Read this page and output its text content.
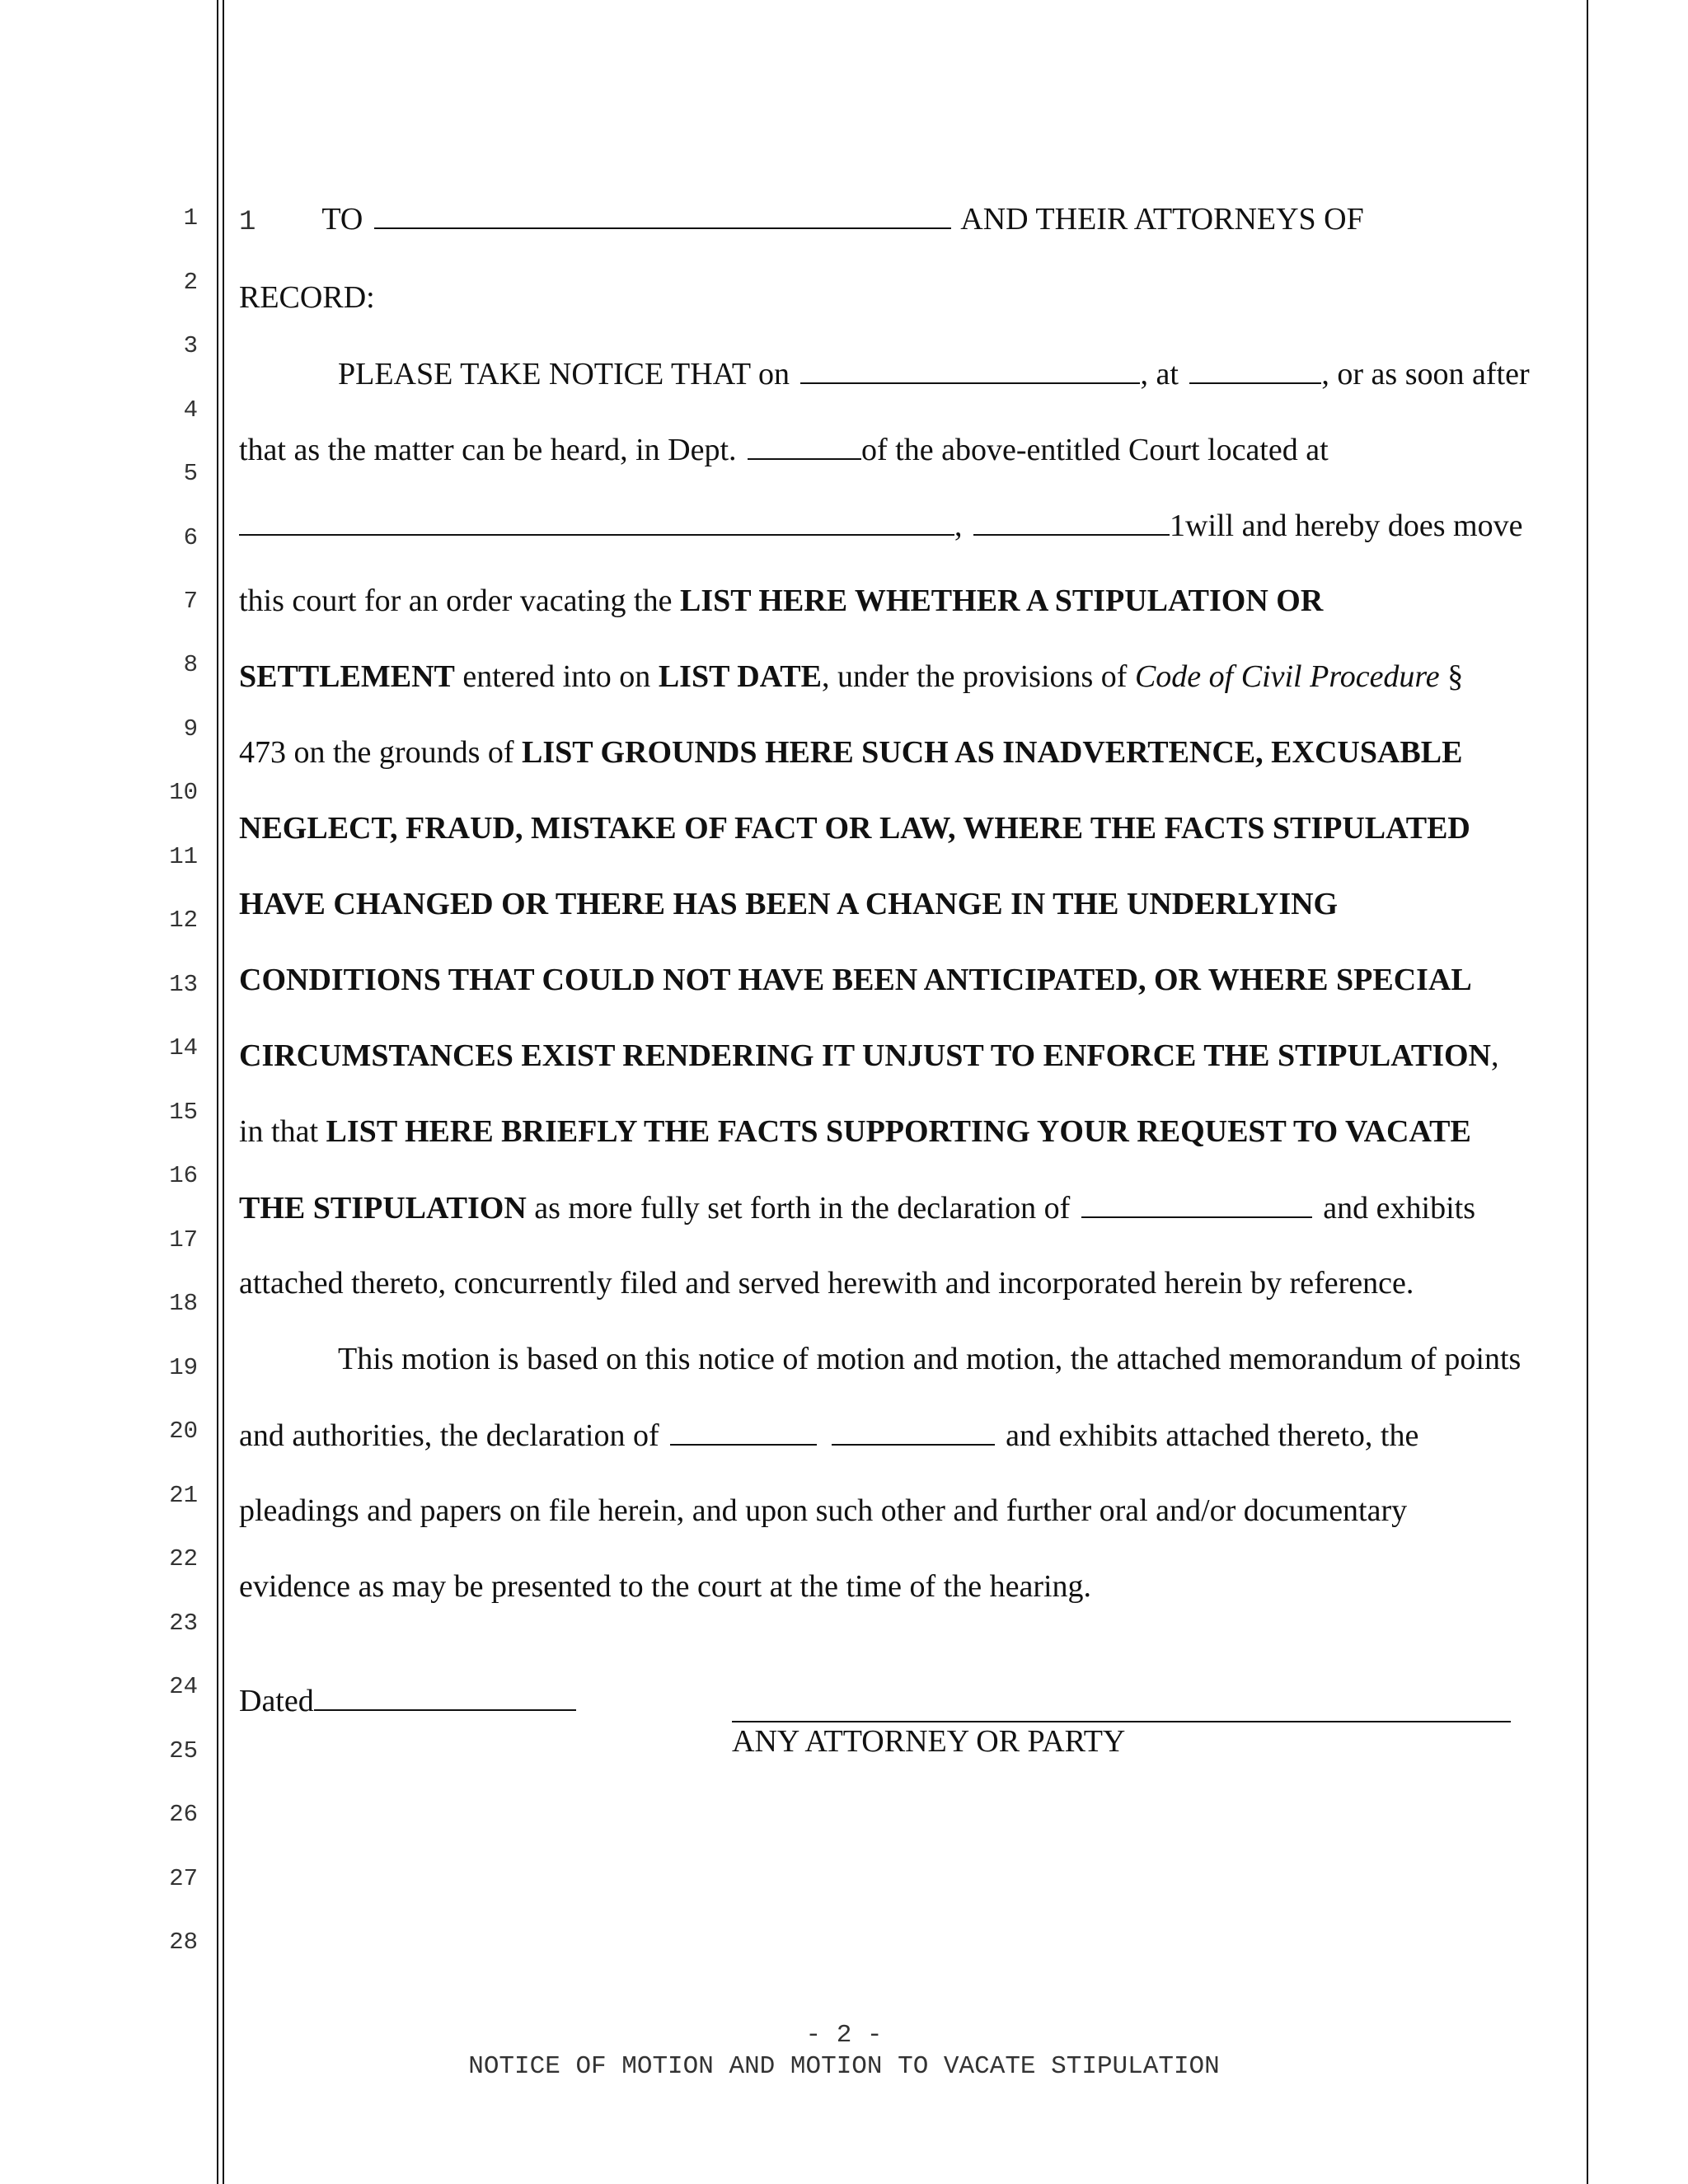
1
2
3
4
5
6
7
8
9
10
11
12
13
14
15
16
17
18
19
20
21
22
23
24
25
26
27
28
1 TO	AND THEIR ATTORNEYS OF
RECORD:
PLEASE TAKE NOTICE THAT on	, at	, or as soon after
that as the matter can be heard, in Dept.	of the above-entitled Court located at
,	1will and hereby does move
this court for an order vacating the LIST HERE WHETHER A STIPULATION OR
SETTLEMENT entered into on LIST DATE, under the provisions of Code of Civil Procedure §
473 on the grounds of LIST GROUNDS HERE SUCH AS INADVERTENCE, EXCUSABLE
NEGLECT, FRAUD, MISTAKE OF FACT OR LAW, WHERE THE FACTS STIPULATED
HAVE CHANGED OR THERE HAS BEEN A CHANGE IN THE UNDERLYING
CONDITIONS THAT COULD NOT HAVE BEEN ANTICIPATED, OR WHERE SPECIAL
CIRCUMSTANCES EXIST RENDERING IT UNJUST TO ENFORCE THE STIPULATION,
in that LIST HERE BRIEFLY THE FACTS SUPPORTING YOUR REQUEST TO VACATE
THE STIPULATION as more fully set forth in the declaration of	and exhibits
attached thereto, concurrently filed and served herewith and incorporated herein by reference.
This motion is based on this notice of motion and motion, the attached memorandum of points
and authorities, the declaration of	and exhibits attached thereto, the
pleadings and papers on file herein, and upon such other and further oral and/or documentary
evidence as may be presented to the court at the time of the hearing.
Dated
ANY ATTORNEY OR PARTY
- 2 -
NOTICE OF MOTION AND MOTION TO VACATE STIPULATION
